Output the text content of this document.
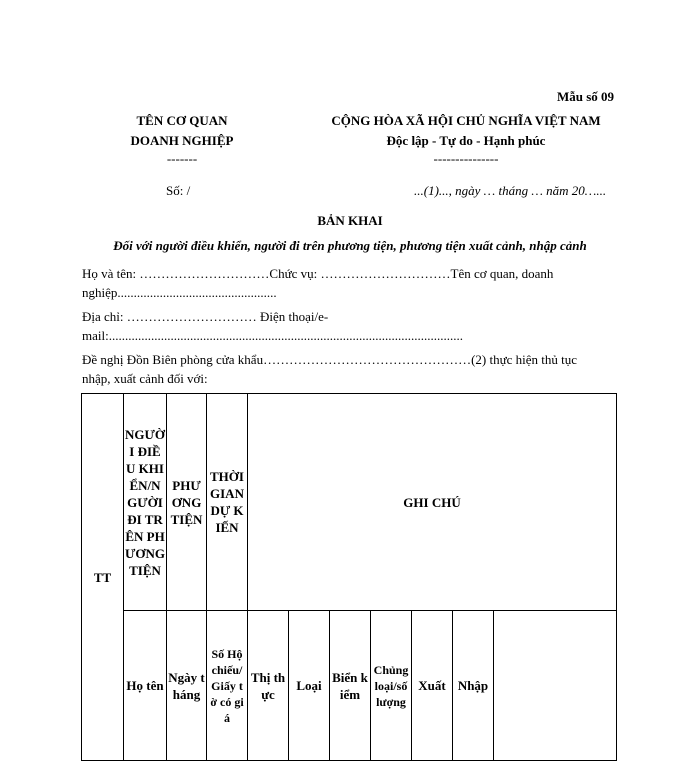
Mẫu số 09
TÊN CƠ QUAN
DOANH NGHIỆP
-------
Số: /
CỘNG HÒA XÃ HỘI CHỦ NGHĨA VIỆT NAM
Độc lập - Tự do - Hạnh phúc
---------------
...(1)..., ngày … tháng … năm 20…...
BẢN KHAI
Đối với người điều khiển, người đi trên phương tiện, phương tiện xuất cảnh, nhập cảnh
Họ và tên: …………………………Chức vụ: …………………………Tên cơ quan, doanh
nghiệp.................................................
Địa chỉ: ………………………… Điện thoại/e-
mail:.............................................................................................................
Đề nghị Đồn Biên phòng cửa khẩu…………………………………………(2) thực hiện thủ tục
nhập, xuất cảnh đối với:
TT	NGƯỜI ĐIỀU KHIỂN/NGƯỜI ĐI TRÊN PHƯƠNG TIỆN	PHƯƠNG TIỆN	THỜI GIAN DỰ KIẾN	GHI CHÚ						

	Họ tên	Ngày tháng	Số Hộ chiếu/ Giấy tờ có giá	Thị thực	Loại	Biển kiểm	Chủng loại/số lượng	Xuất	Nhập	
